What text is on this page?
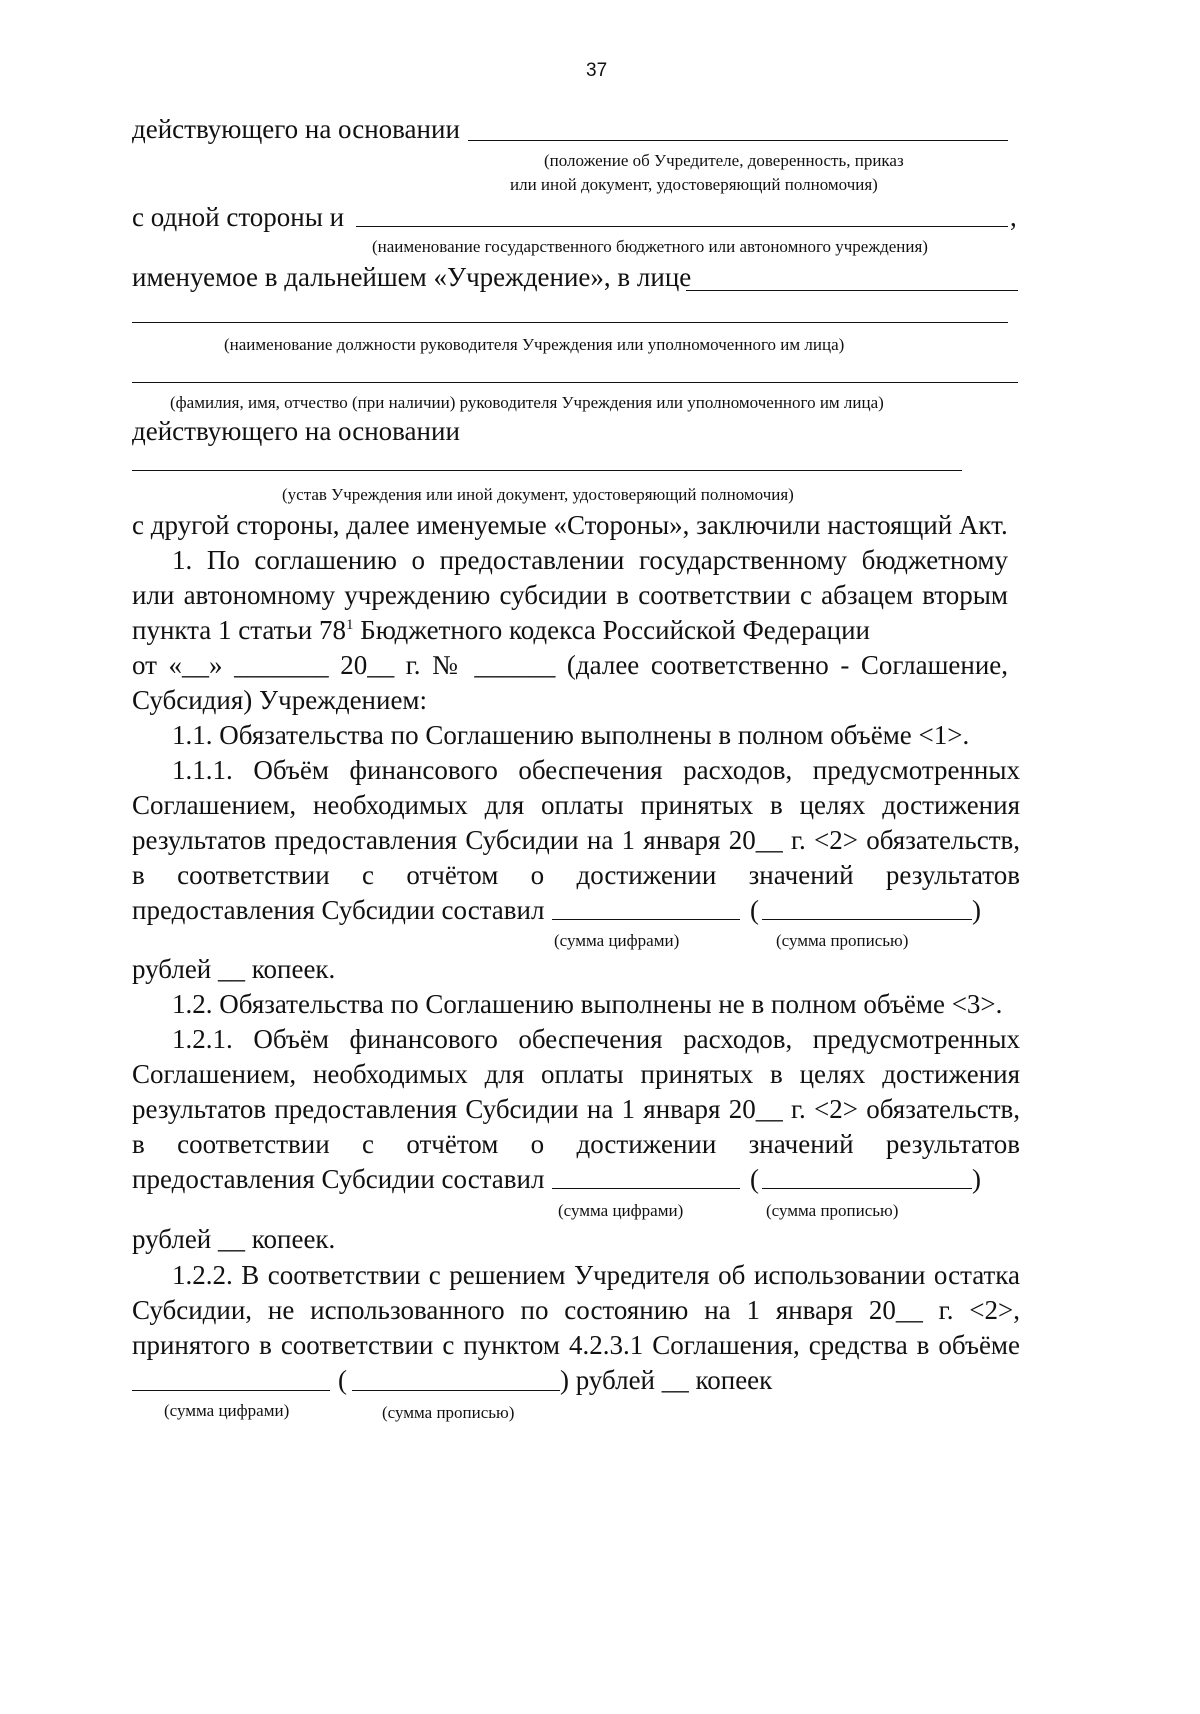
37
действующего на основании
(положение об Учредителе, доверенность, приказ
или иной документ, удостоверяющий полномочия)
с одной стороны и	,
(наименование государственного бюджетного или автономного учреждения)
именуемое в дальнейшем «Учреждение», в лице
(наименование должности руководителя Учреждения или уполномоченного им лица)
(фамилия, имя, отчество (при наличии) руководителя Учреждения или уполномоченного им лица)
действующего на основании
(устав Учреждения или иной документ, удостоверяющий полномочия)
с другой стороны, далее именуемые «Стороны», заключили настоящий Акт.
1. По соглашению о предоставлении государственному бюджетному
или автономному учреждению субсидии в соответствии с абзацем вторым
пункта 1 статьи $78^1$ Бюджетного кодекса Российской Федерации
от «__» _______ 20__ г. № ______ (далее соответственно - Соглашение,
Субсидия) Учреждением:
1.1. Обязательства по Соглашению выполнены в полном объёме <1>.
1.1.1. Объём финансового обеспечения расходов, предусмотренных
Соглашением, необходимых для оплаты принятых в целях достижения
результатов предоставления Субсидии на 1 января 20__ г. <2> обязательств,
в соответствии с отчётом о достижении значений результатов
предоставления Субсидии составил	(	)
(сумма цифрами)	(сумма прописью)
рублей __ копеек.
1.2. Обязательства по Соглашению выполнены не в полном объёме <3>.
1.2.1. Объём финансового обеспечения расходов, предусмотренных
Соглашением, необходимых для оплаты принятых в целях достижения
результатов предоставления Субсидии на 1 января 20__ г. <2> обязательств,
в соответствии с отчётом о достижении значений результатов
предоставления Субсидии составил	(	)
(сумма цифрами)	(сумма прописью)
рублей __ копеек.
1.2.2. В соответствии с решением Учредителя об использовании остатка
Субсидии, не использованного по состоянию на 1 января 20__ г. <2>,
принятого в соответствии с пунктом 4.2.3.1 Соглашения, средства в объёме
(	) рублей __ копеек
(сумма цифрами)	(сумма прописью)
